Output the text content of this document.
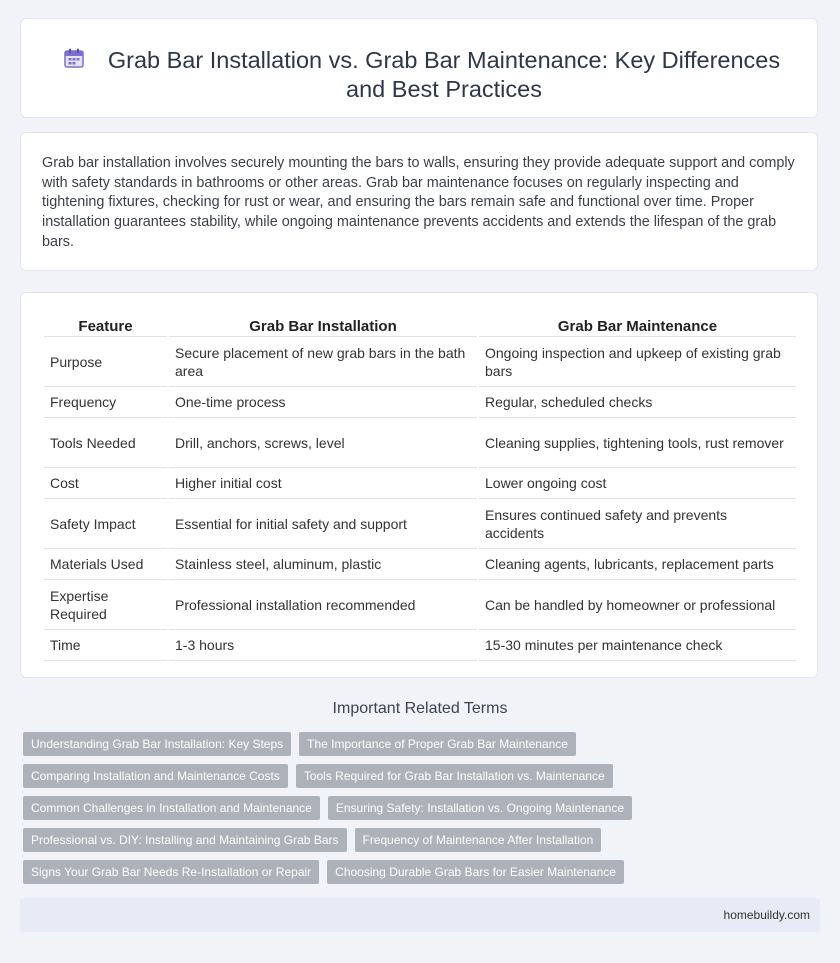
Grab Bar Installation vs. Grab Bar Maintenance: Key Differences and Best Practices

Grab bar installation involves securely mounting the bars to walls, ensuring they provide adequate support and comply with safety standards in bathrooms or other areas. Grab bar maintenance focuses on regularly inspecting and tightening fixtures, checking for rust or wear, and ensuring the bars remain safe and functional over time. Proper installation guarantees stability, while ongoing maintenance prevents accidents and extends the lifespan of the grab bars.

Feature	Grab Bar Installation	Grab Bar Maintenance
Purpose	Secure placement of new grab bars in the bath area	Ongoing inspection and upkeep of existing grab bars
Frequency	One-time process	Regular, scheduled checks
Tools Needed	Drill, anchors, screws, level	Cleaning supplies, tightening tools, rust remover
Cost	Higher initial cost	Lower ongoing cost
Safety Impact	Essential for initial safety and support	Ensures continued safety and prevents accidents
Materials Used	Stainless steel, aluminum, plastic	Cleaning agents, lubricants, replacement parts
Expertise Required	Professional installation recommended	Can be handled by homeowner or professional
Time	1-3 hours	15-30 minutes per maintenance check
Important Related Terms
Understanding Grab Bar Installation: Key Steps	The Importance of Proper Grab Bar Maintenance
Comparing Installation and Maintenance Costs	Tools Required for Grab Bar Installation vs. Maintenance
Common Challenges in Installation and Maintenance	Ensuring Safety: Installation vs. Ongoing Maintenance
Professional vs. DIY: Installing and Maintaining Grab Bars	Frequency of Maintenance After Installation
Signs Your Grab Bar Needs Re-Installation or Repair	Choosing Durable Grab Bars for Easier Maintenance
homebuildy.com
